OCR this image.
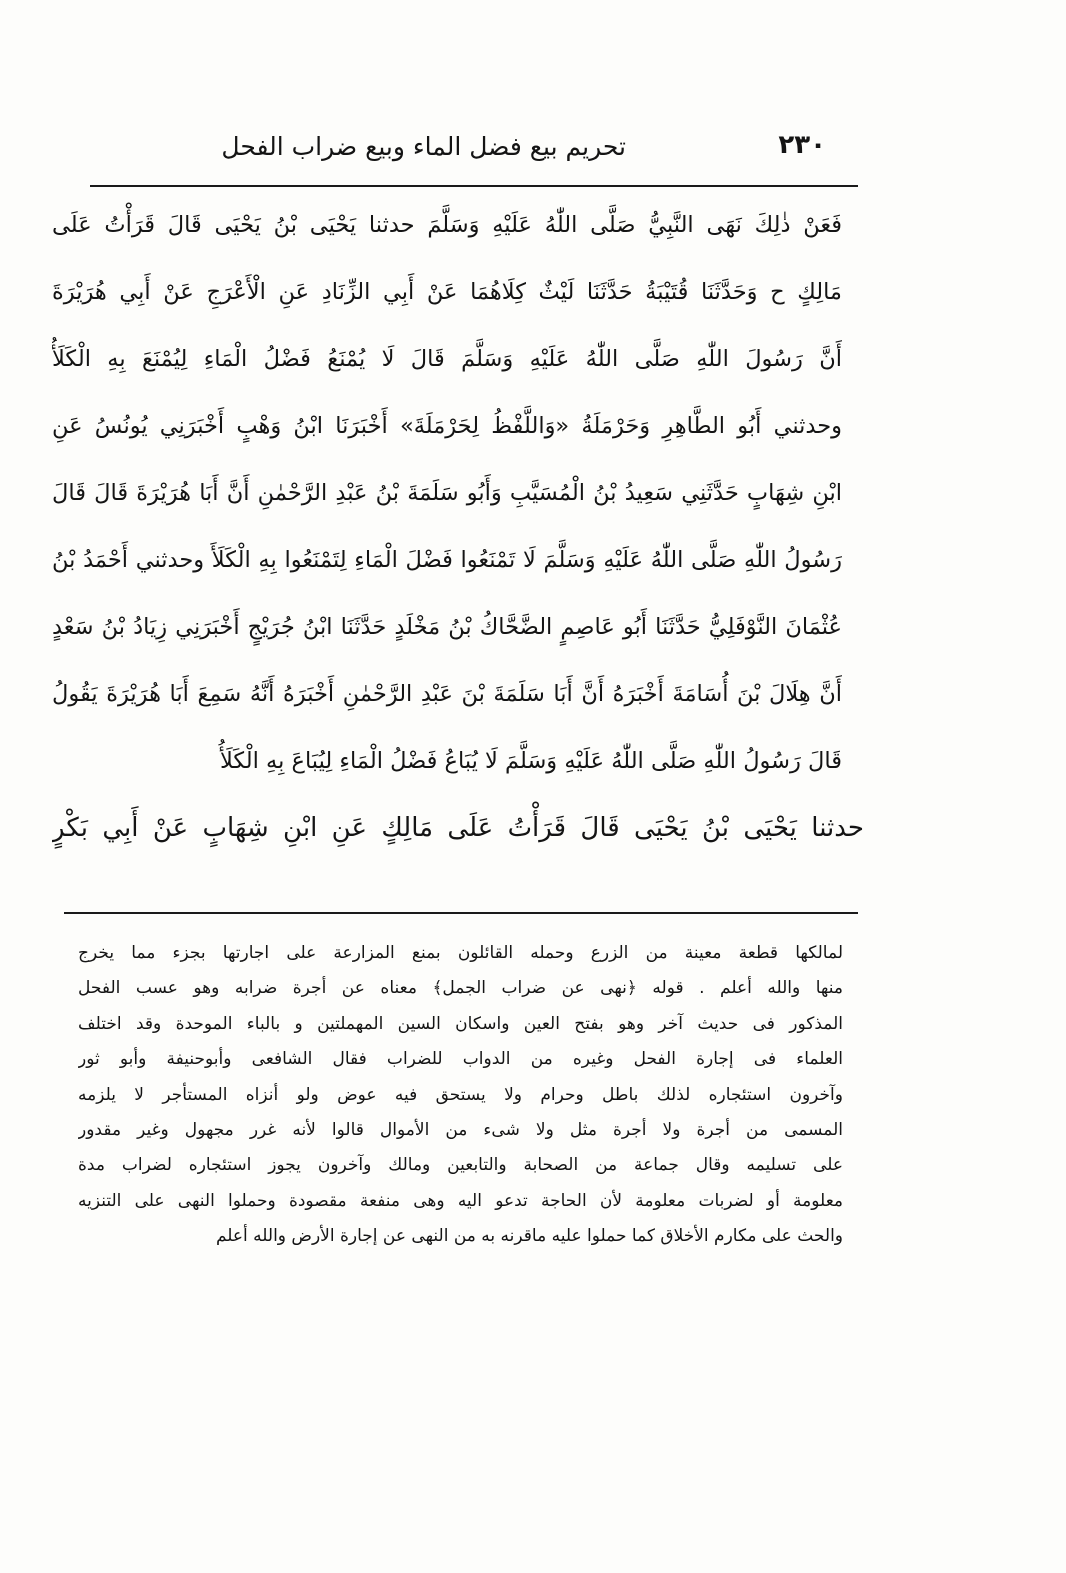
٢٣٠
تحريم بيع فضل الماء وبيع ضراب الفحل
فَعَنْ ذٰلِكَ نَهَى النَّبِيُّ صَلَّى اللّٰهُ عَلَيْهِ وَسَلَّمَ حدثنا يَحْيَى بْنُ يَحْيَى قَالَ قَرَأْتُ عَلَى
مَالِكٍ ح وَحَدَّثَنَا قُتَيْبَةُ حَدَّثَنَا لَيْثٌ كِلَاهُمَا عَنْ أَبِي الزِّنَادِ عَنِ الْأَعْرَجِ عَنْ أَبِي هُرَيْرَةَ
أَنَّ رَسُولَ اللّٰهِ صَلَّى اللّٰهُ عَلَيْهِ وَسَلَّمَ قَالَ لَا يُمْنَعُ فَضْلُ الْمَاءِ لِيُمْنَعَ بِهِ الْكَلَأُ
وحدثني أَبُو الطَّاهِرِ وَحَرْمَلَةُ «وَاللَّفْظُ لِحَرْمَلَةَ» أَخْبَرَنَا ابْنُ وَهْبٍ أَخْبَرَنِي يُونُسُ عَنِ
ابْنِ شِهَابٍ حَدَّثَنِي سَعِيدُ بْنُ الْمُسَيَّبِ وَأَبُو سَلَمَةَ بْنُ عَبْدِ الرَّحْمٰنِ أَنَّ أَبَا هُرَيْرَةَ قَالَ قَالَ
رَسُولُ اللّٰهِ صَلَّى اللّٰهُ عَلَيْهِ وَسَلَّمَ لَا تَمْنَعُوا فَضْلَ الْمَاءِ لِتَمْنَعُوا بِهِ الْكَلَأَ وحدثني أَحْمَدُ بْنُ
عُثْمَانَ النَّوْفَلِيُّ حَدَّثَنَا أَبُو عَاصِمٍ الضَّحَّاكُ بْنُ مَخْلَدٍ حَدَّثَنَا ابْنُ جُرَيْجٍ أَخْبَرَنِي زِيَادُ بْنُ سَعْدٍ
أَنَّ هِلَالَ بْنَ أُسَامَةَ أَخْبَرَهُ أَنَّ أَبَا سَلَمَةَ بْنَ عَبْدِ الرَّحْمٰنِ أَخْبَرَهُ أَنَّهُ سَمِعَ أَبَا هُرَيْرَةَ يَقُولُ
قَالَ رَسُولُ اللّٰهِ صَلَّى اللّٰهُ عَلَيْهِ وَسَلَّمَ لَا يُبَاعُ فَضْلُ الْمَاءِ لِيُبَاعَ بِهِ الْكَلَأُ
حدثنا يَحْيَى بْنُ يَحْيَى قَالَ قَرَأْتُ عَلَى مَالِكٍ عَنِ ابْنِ شِهَابٍ عَنْ أَبِي بَكْرٍ
لمالكها قطعة معينة من الزرع وحمله القائلون بمنع المزارعة على اجارتها بجزء مما يخرج
منها والله أعلم . قوله ﴿نهى عن ضراب الجمل﴾ معناه عن أجرة ضرابه وهو عسب الفحل
المذكور فى حديث آخر وهو بفتح العين واسكان السين المهملتين و بالباء الموحدة وقد اختلف
العلماء فى إجارة الفحل وغيره من الدواب للضراب فقال الشافعى وأبوحنيفة وأبو ثور
وآخرون استئجاره لذلك باطل وحرام ولا يستحق فيه عوض ولو أنزاه المستأجر لا يلزمه
المسمى من أجرة ولا أجرة مثل ولا شىء من الأموال قالوا لأنه غرر مجهول وغير مقدور
على تسليمه وقال جماعة من الصحابة والتابعين ومالك وآخرون يجوز استئجاره لضراب مدة
معلومة أو لضربات معلومة لأن الحاجة تدعو اليه وهى منفعة مقصودة وحملوا النهى على التنزيه
والحث على مكارم الأخلاق كما حملوا عليه ماقرنه به من النهى عن إجارة الأرض والله أعلم
